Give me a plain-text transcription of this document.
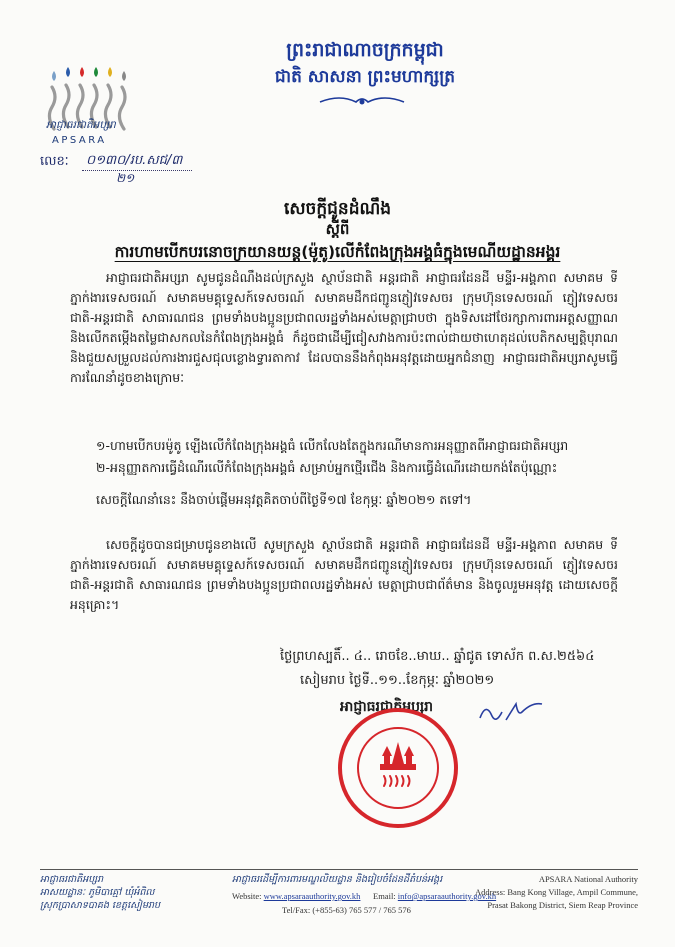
អាជ្ញាធរជាតិអប្សរា
APSARA
ព្រះរាជាណាចក្រកម្ពុជា
ជាតិ សាសនា ព្រះមហាក្សត្រ
លេខៈ ០១៣០/រប.សជ/៣
២១
សេចក្តីជូនដំណឹង
ស្តីពី
ការហាមបើកបរនោចក្រយានយន្ត(ម៉ូតូ)លើកំពែងក្រុងអង្គធំក្នុងមេណីយដ្ឋានអង្គរ
អាជ្ញាធរជាតិអប្សរា សូមជូនដំណឹងដល់ក្រសួង ស្ថាប័នជាតិ អន្តរជាតិ អាជ្ញាធរដែនដី មន្ទីរ-អង្គភាព សមាគម ទីភ្នាក់ងារទេសចរណ៍ សមាគមមគ្គុទ្ទេសក៍ទេសចរណ៍ សមាគមដឹកជញ្ជូនភ្ញៀវទេសចរ ក្រុមហ៊ុនទេសចរណ៍ ភ្ញៀវទេសចរជាតិ-អន្តរជាតិ សាធារណជន ព្រមទាំងបងប្អូនប្រជាពលរដ្ឋទាំងអស់មេត្តាជ្រាបថា ក្នុងទិសដៅថែរក្សាការពារអត្តសញ្ញាណ និងលើកតម្កើងតម្លៃជាសកលនៃកំពែងក្រុងអង្គធំ ក៏ដូចជាដើម្បីជៀសវាងការប៉ះពាល់ជាយថាហេតុដល់បេតិកសម្បត្តិបុរាណ និងជួយសម្រួលដល់ការងារជួសជុលខ្លោងទ្វារតាកាវ ដែលបាននឹងកំពុងអនុវត្តដោយអ្នកជំនាញ អាជ្ញាធរជាតិអប្សរាសូមធ្វើការណែនាំដូចខាងក្រោមៈ
១-ហាមបើកបរម៉ូតូ ឡើងលើកំពែងក្រុងអង្គធំ លើកលែងតែក្នុងករណីមានការអនុញ្ញាតពីអាជ្ញាធរជាតិអប្សរា
២-អនុញ្ញាតការធ្វើដំណើរលើកំពែងក្រុងអង្គធំ សម្រាប់អ្នកថ្មើរជើង និងការធ្វើដំណើរដោយកង់តែប៉ុណ្ណោះ
សេចក្តីណែនាំនេះ នឹងចាប់ផ្តើមអនុវត្តគិតចាប់ពីថ្ងៃទី១៧ ខែកុម្ភៈ ឆ្នាំ២០២១ តទៅ។
សេចក្តីដូចបានជម្រាបជូនខាងលើ សូមក្រសួង ស្ថាប័នជាតិ អន្តរជាតិ អាជ្ញាធរដែនដី មន្ទីរ-អង្គភាព សមាគម ទីភ្នាក់ងារទេសចរណ៍ សមាគមមគ្គុទ្ទេសក៍ទេសចរណ៍ សមាគមដឹកជញ្ជូនភ្ញៀវទេសចរ ក្រុមហ៊ុនទេសចរណ៍ ភ្ញៀវទេសចរជាតិ-អន្តរជាតិ សាធារណជន ព្រមទាំងបងប្អូនប្រជាពលរដ្ឋទាំងអស់ មេត្តាជ្រាបជាព័ត៌មាន និងចូលរួមអនុវត្ត ដោយសេចក្តីអនុគ្រោះ។
ថ្ងៃព្រហស្បតិ៍.. ៤.. រោចខែ..មាឃ.. ឆ្នាំជូត ទោស័ក ព.ស.២៥៦៤
សៀមរាប ថ្ងៃទី..១១..ខែកុម្ភៈ ឆ្នាំ២០២១
អាជ្ញាធរជាតិអប្សរា
អាជ្ញាធរជាតិអប្សរា
អាសយដ្ឋានៈ ភូមិបាគ្មៅ ឃុំអំពិល
ស្រុកប្រាសាទបាគង ខេត្តសៀមរាប
អាជ្ញាធរដើម្បីការពារមណ្ឌលិយដ្ឋាន និងរៀបចំដែនដីតំបន់អង្គរ
Website: www.apsaraauthority.gov.kh Email: info@apsaraauthority.gov.kh
Tel/Fax: (+855-63) 765 577 / 765 576
APSARA National Authority
Address: Bang Kong Village, Ampil Commune,
Prasat Bakong District, Siem Reap Province
